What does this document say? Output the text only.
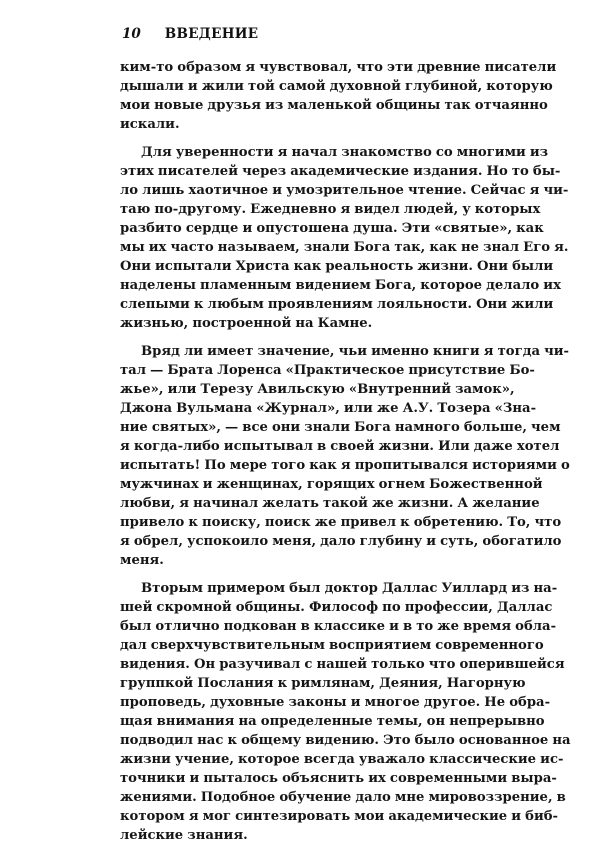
10 ВВЕДЕНИЕ
ким-то образом я чувствовал, что эти древние писатели
дышали и жили той самой духовной глубиной, которую
мои новые друзья из маленькой общины так отчаянно
искали.
Для уверенности я начал знакомство со многими из
этих писателей через академические издания. Но то бы-
ло лишь хаотичное и умозрительное чтение. Сейчас я чи-
таю по-другому. Ежедневно я видел людей, у которых
разбито сердце и опустошена душа. Эти «святые», как
мы их часто называем, знали Бога так, как не знал Его я.
Они испытали Христа как реальность жизни. Они были
наделены пламенным видением Бога, которое делало их
слепыми к любым проявлениям лояльности. Они жили
жизнью, построенной на Камне.
Вряд ли имеет значение, чьи именно книги я тогда чи-
тал — Брата Лоренса «Практическое присутствие Бо-
жье», или Терезу Авильскую «Внутренний замок»,
Джона Вульмана «Журнал», или же А.У. Тозера «Зна-
ние святых», — все они знали Бога намного больше, чем
я когда-либо испытывал в своей жизни. Или даже хотел
испытать! По мере того как я пропитывался историями о
мужчинах и женщинах, горящих огнем Божественной
любви, я начинал желать такой же жизни. А желание
привело к поиску, поиск же привел к обретению. То, что
я обрел, успокоило меня, дало глубину и суть, обогатило
меня.
Вторым примером был доктор Даллас Уиллард из на-
шей скромной общины. Философ по профессии, Даллас
был отлично подкован в классике и в то же время обла-
дал сверхчувствительным восприятием современного
видения. Он разучивал с нашей только что оперившейся
группкой Послания к римлянам, Деяния, Нагорную
проповедь, духовные законы и многое другое. Не обра-
щая внимания на определенные темы, он непрерывно
подводил нас к общему видению. Это было основанное на
жизни учение, которое всегда уважало классические ис-
точники и пыталось объяснить их современными выра-
жениями. Подобное обучение дало мне мировоззрение, в
котором я мог синтезировать мои академические и биб-
лейские знания.
